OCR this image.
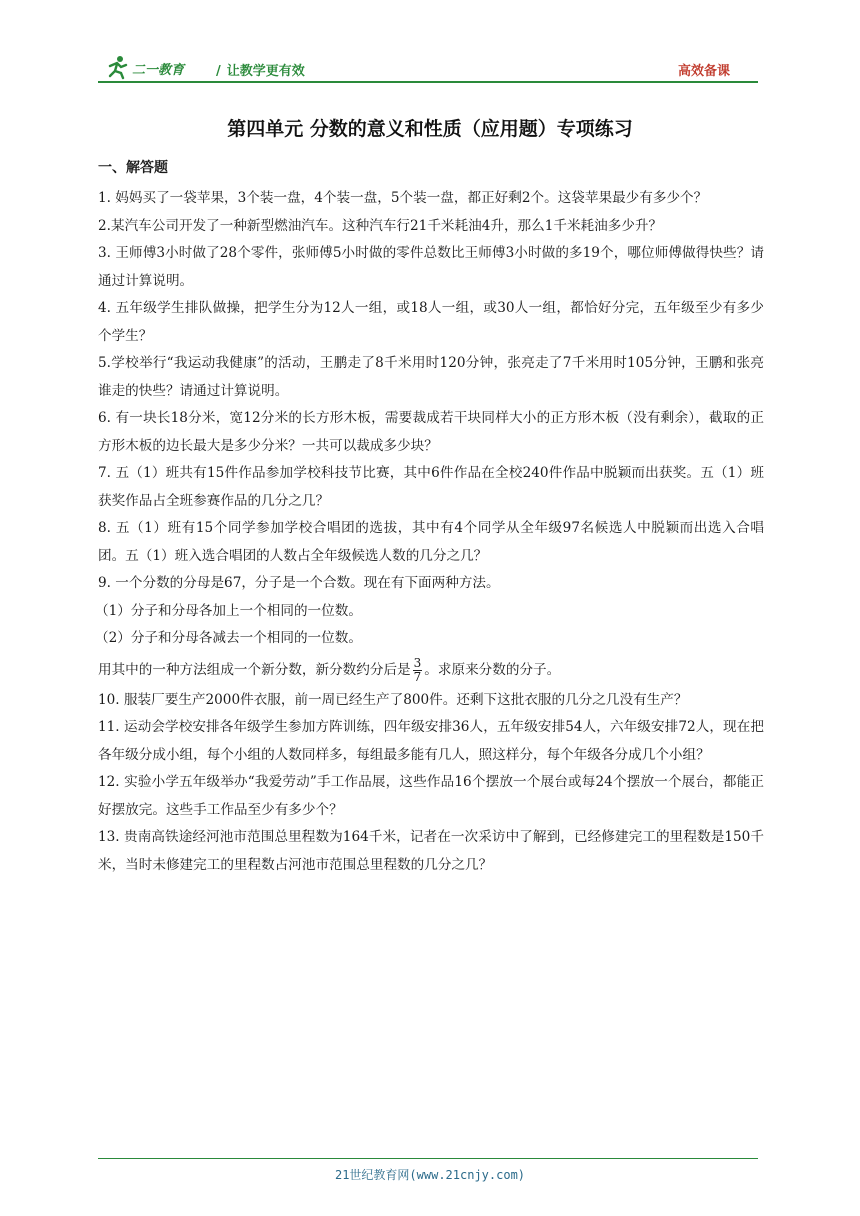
二一教育 / 让教学更有效	高效备课
第四单元 分数的意义和性质（应用题）专项练习
一、解答题

1. 妈妈买了一袋苹果，3个装一盘，4个装一盘，5个装一盘，都正好剩2个。这袋苹果最少有多少个？

2.某汽车公司开发了一种新型燃油汽车。这种汽车行21千米耗油4升，那么1千米耗油多少升？

3. 王师傅3小时做了28个零件，张师傅5小时做的零件总数比王师傅3小时做的多19个，哪位师傅做得快些？请通过计算说明。

4. 五年级学生排队做操，把学生分为12人一组，或18人一组，或30人一组，都恰好分完，五年级至少有多少个学生？

5.学校举行“我运动我健康”的活动，王鹏走了8千米用时120分钟，张亮走了7千米用时105分钟，王鹏和张亮谁走的快些？请通过计算说明。

6. 有一块长18分米，宽12分米的长方形木板，需要裁成若干块同样大小的正方形木板（没有剩余），截取的正方形木板的边长最大是多少分米？一共可以裁成多少块？

7. 五（1）班共有15件作品参加学校科技节比赛，其中6件作品在全校240件作品中脱颖而出获奖。五（1）班获奖作品占全班参赛作品的几分之几？

8. 五（1）班有15个同学参加学校合唱团的选拔，其中有4个同学从全年级97名候选人中脱颖而出选入合唱团。五（1）班入选合唱团的人数占全年级候选人数的几分之几？

9. 一个分数的分母是67，分子是一个合数。现在有下面两种方法。

（1）分子和分母各加上一个相同的一位数。

（2）分子和分母各减去一个相同的一位数。

用其中的一种方法组成一个新分数，新分数约分后是 $\frac{3}{7}$ 。求原来分数的分子。

10. 服装厂要生产2000件衣服，前一周已经生产了800件。还剩下这批衣服的几分之几没有生产？

11. 运动会学校安排各年级学生参加方阵训练，四年级安排36人，五年级安排54人，六年级安排72人，现在把各年级分成小组，每个小组的人数同样多，每组最多能有几人，照这样分，每个年级各分成几个小组？

12. 实验小学五年级举办“我爱劳动”手工作品展，这些作品16个摆放一个展台或每24个摆放一个展台，都能正好摆放完。这些手工作品至少有多少个？

13. 贵南高铁途经河池市范围总里程数为164千米，记者在一次采访中了解到，已经修建完工的里程数是150千米，当时未修建完工的里程数占河池市范围总里程数的几分之几？

21世纪教育网(www.21cnjy.com)
